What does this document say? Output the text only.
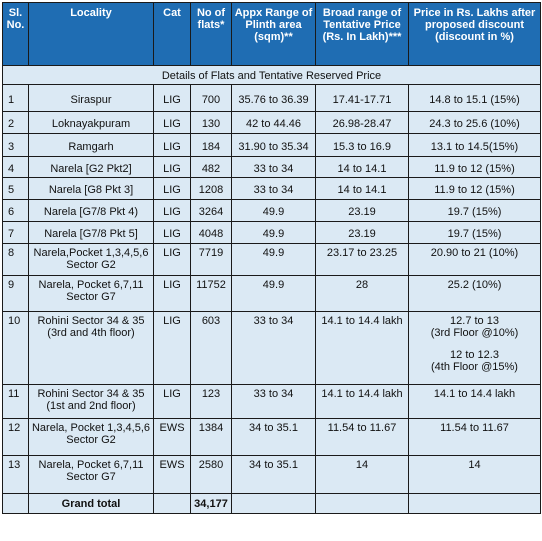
Details of Flats and Tentative Reserved Price						
Sl. No.	Locality	Cat	No of flats*	Appx Range of Plinth area (sqm)**	Broad range of Tentative Price (Rs. In Lakh)***	Price in Rs. Lakhs after proposed discount (discount in %)
1	Siraspur	LIG	700	35.76 to 36.39	17.41-17.71	14.8 to 15.1 (15%)
2	Loknayakpuram	LIG	130	42 to 44.46	26.98-28.47	24.3 to 25.6 (10%)
3	Ramgarh	LIG	184	31.90 to 35.34	15.3 to 16.9	13.1 to 14.5(15%)
4	Narela [G2 Pkt2]	LIG	482	33 to 34	14 to 14.1	11.9 to 12 (15%)
5	Narela [G8 Pkt 3]	LIG	1208	33 to 34	14 to 14.1	11.9 to 12 (15%)
6	Narela [G7/8 Pkt 4)	LIG	3264	49.9	23.19	19.7 (15%)
7	Narela [G7/8 Pkt 5]	LIG	4048	49.9	23.19	19.7 (15%)
8	Narela,Pocket 1,3,4,5,6
Sector G2	LIG	7719	49.9	23.17 to 23.25	20.90 to 21 (10%)
9	Narela, Pocket 6,7,11
Sector G7	LIG	11752	49.9	28	25.2 (10%)
10	Rohini Sector 34 & 35
(3rd and 4th floor)	LIG	603	33 to 34	14.1 to 14.4 lakh	12.7 to 13
(3rd Floor @10%)
12 to 12.3
(4th Floor @15%)

11	Rohini Sector 34 & 35
(1st and 2nd floor)	LIG	123	33 to 34	14.1 to 14.4 lakh	14.1 to 14.4 lakh
12	Narela, Pocket 1,3,4,5,6
Sector G2	EWS	1384	34 to 35.1	11.54 to 11.67	11.54 to 11.67
13	Narela, Pocket 6,7,11
Sector G7	EWS	2580	34 to 35.1	14	14
	Grand total		34,177			
